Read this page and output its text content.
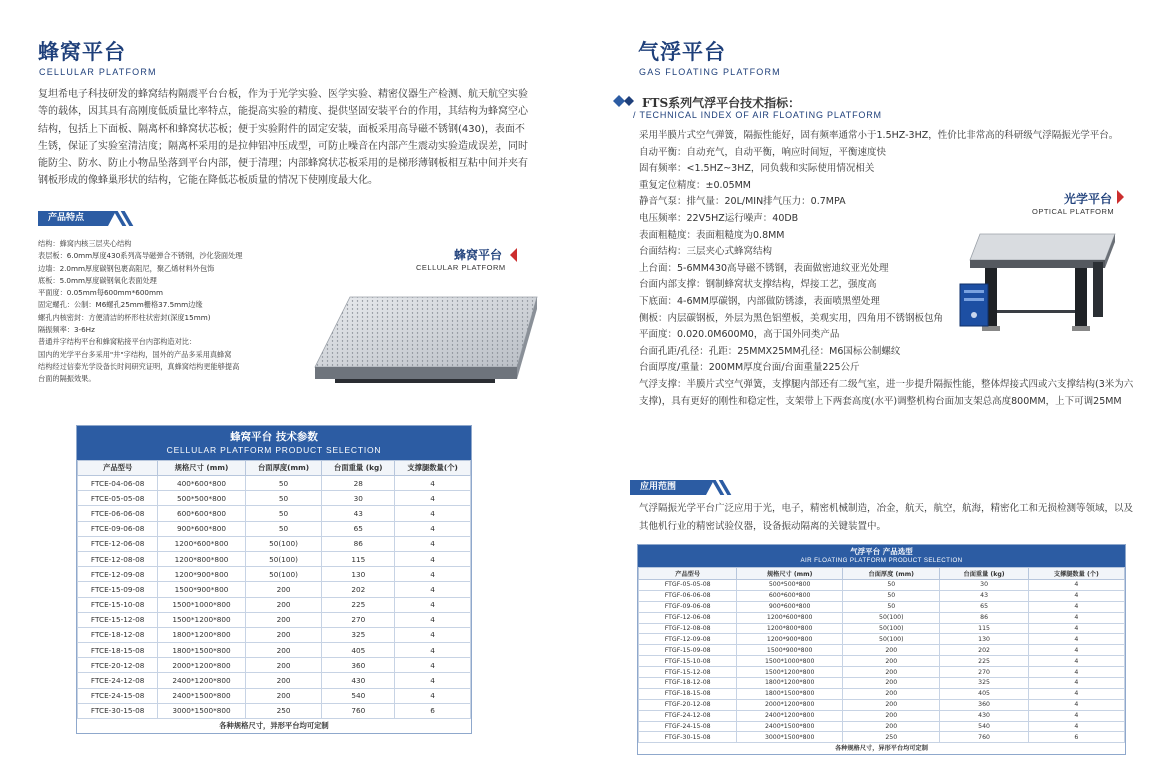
蜂窝平台
CELLULAR PLATFORM
复坦希电子科技研发的蜂窝结构隔震平台台板，作为于光学实验、医学实验、精密仪器生产检测、航天航空实验等的载体，因其具有高刚度低质量比率特点，能提高实验的精度、提供坚固安装平台的作用，其结构为蜂窝空心结构，包括上下面板、隔离杯和蜂窝状芯板；便于实验附件的固定安装，面板采用高导磁不锈钢(430)，表面不生锈，保证了实验室清洁度；隔离杯采用的是拉伸铝冲压成型，可防止噪音在内部产生震动实验造成误差，同时能防尘、防水、防止小物品坠落到平台内部，便于清理；内部蜂窝状芯板采用的是梯形薄钢板相互粘中间并夹有钢板形成的像蜂巢形状的结构，它能在降低芯板质量的情况下使刚度最大化。
产品特点
结构：蜂窝内核三层夹心结构
表层板：6.0mm厚度430系列高导磁弹合不锈钢，沙化袋面处理
边墙：2.0mm厚度碳钢包裹高阻尼，聚乙烯材料外包饰
底板：5.0mm厚度碳钢氧化表面处理
平面度：0.05mm每600mm*600mm
固定螺孔：公制：M6螺孔25mm栅格37.5mm边缘
螺孔内核密封：方便清洁的杯形柱状密封(深度15mm)
隔振频率：3-6Hz
普通并字结构平台和蜂窝粘接平台内部构造对比：
国内的光学平台多采用"井"字结构，国外的产品多采用真蜂窝
结构经过信泰光学设备长时间研究证明，真蜂窝结构更能够提高
台面的隔振效果。
蜂窝平台
CELLULAR PLATFORM
蜂窝平台 技术参数
CELLULAR PLATFORM PRODUCT SELECTION
产品型号	规格尺寸 (mm)	台面厚度(mm)	台面重量 (kg)	支撑腿数量(个)
FTCE-04-06-08	400*600*800	50	28	4
FTCE-05-05-08	500*500*800	50	30	4
FTCE-06-06-08	600*600*800	50	43	4
FTCE-09-06-08	900*600*800	50	65	4
FTCE-12-06-08	1200*600*800	50(100)	86	4
FTCE-12-08-08	1200*800*800	50(100)	115	4
FTCE-12-09-08	1200*900*800	50(100)	130	4
FTCE-15-09-08	1500*900*800	200	202	4
FTCE-15-10-08	1500*1000*800	200	225	4
FTCE-15-12-08	1500*1200*800	200	270	4
FTCE-18-12-08	1800*1200*800	200	325	4
FTCE-18-15-08	1800*1500*800	200	405	4
FTCE-20-12-08	2000*1200*800	200	360	4
FTCE-24-12-08	2400*1200*800	200	430	4
FTCE-24-15-08	2400*1500*800	200	540	4
FTCE-30-15-08	3000*1500*800	250	760	6
各种规格尺寸，异形平台均可定制
气浮平台
GAS FLOATING PLATFORM
FTS系列气浮平台技术指标：
/ TECHNICAL INDEX OF AIR FLOATING PLATFORM
采用半膜片式空气弹簧，隔振性能好，固有频率通常小于1.5HZ-3HZ，性价比非常高的科研级气浮隔振光学平台。
自动平衡：自动充气，自动平衡，响应时间短，平衡速度快
固有频率：<1.5HZ~3HZ，同负载和实际使用情况相关
重复定位精度：±0.05MM
静音气泵：排气量：20L/MIN排气压力：0.7MPA
电压频率：22V5HZ运行噪声：40DB
表面粗糙度：表面粗糙度为0.8MM
台面结构：三层夹心式蜂窝结构
上台面：5-6MM430高导磁不锈钢，表面做密迪纹亚光处理
台面内部支撑：钢制蜂窝状支撑结构，焊接工艺，强度高
下底面：4-6MM厚碳钢，内部做防锈漆，表面喷黑塑处理
侧板：内层碳钢板，外层为黑色铝塑板，美观实用，四角用不锈钢板包角
平面度：0.020.0M600M0，高于国外同类产品
台面孔距/孔径：孔距：25MMX25MM孔径：M6国标公制螺纹
台面厚度/重量：200MM厚度台面/台面重量225公斤
气浮支撑：半膜片式空气弹簧，支撑腿内部还有二级气室，进一步提升隔振性能，整体焊接式四或六支撑结构(3米为六支撑)，具有更好的刚性和稳定性，支架带上下两套高度(水平)调整机构台面加支架总高度800MM，上下可调25MM
光学平台
OPTICAL PLATFORM
应用范围
气浮隔振光学平台广泛应用于光，电子，精密机械制造，冶金，航天，航空，航海，精密化工和无损检测等领域，以及其他机行业的精密试验仪器，设备振动隔离的关键装置中。
气浮平台 产品选型
AIR FLOATING PLATFORM PRODUCT SELECTION
产品型号	规格尺寸 (mm)	台面厚度 (mm)	台面重量 (kg)	支撑腿数量 (个)
FTGF-05-05-08	500*500*800	50	30	4
FTGF-06-06-08	600*600*800	50	43	4
FTGF-09-06-08	900*600*800	50	65	4
FTGF-12-06-08	1200*600*800	50(100)	86	4
FTGF-12-08-08	1200*800*800	50(100)	115	4
FTGF-12-09-08	1200*900*800	50(100)	130	4
FTGF-15-09-08	1500*900*800	200	202	4
FTGF-15-10-08	1500*1000*800	200	225	4
FTGF-15-12-08	1500*1200*800	200	270	4
FTGF-18-12-08	1800*1200*800	200	325	4
FTGF-18-15-08	1800*1500*800	200	405	4
FTGF-20-12-08	2000*1200*800	200	360	4
FTGF-24-12-08	2400*1200*800	200	430	4
FTGF-24-15-08	2400*1500*800	200	540	4
FTGF-30-15-08	3000*1500*800	250	760	6
各种规格尺寸，异形平台均可定制
